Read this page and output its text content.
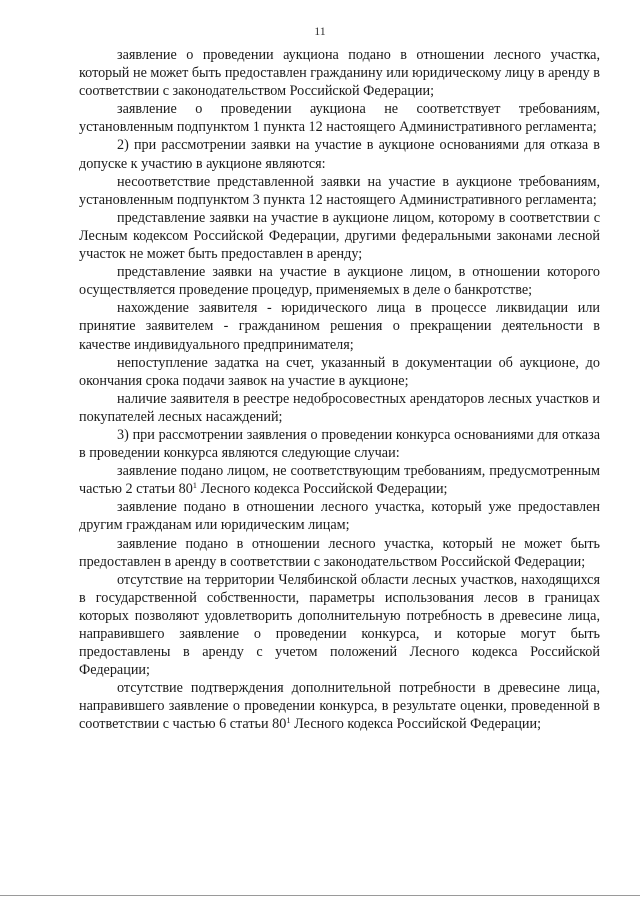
11

заявление о проведении аукциона подано в отношении лесного участка, который не может быть предоставлен гражданину или юридическому лицу в аренду в соответствии с законодательством Российской Федерации;

заявление о проведении аукциона не соответствует требованиям, установленным подпунктом 1 пункта 12 настоящего Административного регламента;

2) при рассмотрении заявки на участие в аукционе основаниями для отказа в допуске к участию в аукционе являются:

несоответствие представленной заявки на участие в аукционе требованиям, установленным подпунктом 3 пункта 12 настоящего Административного регламента;

представление заявки на участие в аукционе лицом, которому в соответствии с Лесным кодексом Российской Федерации, другими федеральными законами лесной участок не может быть предоставлен в аренду;

представление заявки на участие в аукционе лицом, в отношении которого осуществляется проведение процедур, применяемых в деле о банкротстве;

нахождение заявителя - юридического лица в процессе ликвидации или принятие заявителем - гражданином решения о прекращении деятельности в качестве индивидуального предпринимателя;

непоступление задатка на счет, указанный в документации об аукционе, до окончания срока подачи заявок на участие в аукционе;

наличие заявителя в реестре недобросовестных арендаторов лесных участков и покупателей лесных насаждений;

3) при рассмотрении заявления о проведении конкурса основаниями для отказа в проведении конкурса являются следующие случаи:

заявление подано лицом, не соответствующим требованиям, предусмотренным частью 2 статьи $80^1$ Лесного кодекса Российской Федерации;

заявление подано в отношении лесного участка, который уже предоставлен другим гражданам или юридическим лицам;

заявление подано в отношении лесного участка, который не может быть предоставлен в аренду в соответствии с законодательством Российской Федерации;

отсутствие на территории Челябинской области лесных участков, находящихся в государственной собственности, параметры использования лесов в границах которых позволяют удовлетворить дополнительную потребность в древесине лица, направившего заявление о проведении конкурса, и которые могут быть предоставлены в аренду с учетом положений Лесного кодекса Российской Федерации;

отсутствие подтверждения дополнительной потребности в древесине лица, направившего заявление о проведении конкурса, в результате оценки, проведенной в соответствии с частью 6 статьи $80^1$ Лесного кодекса Российской Федерации;
